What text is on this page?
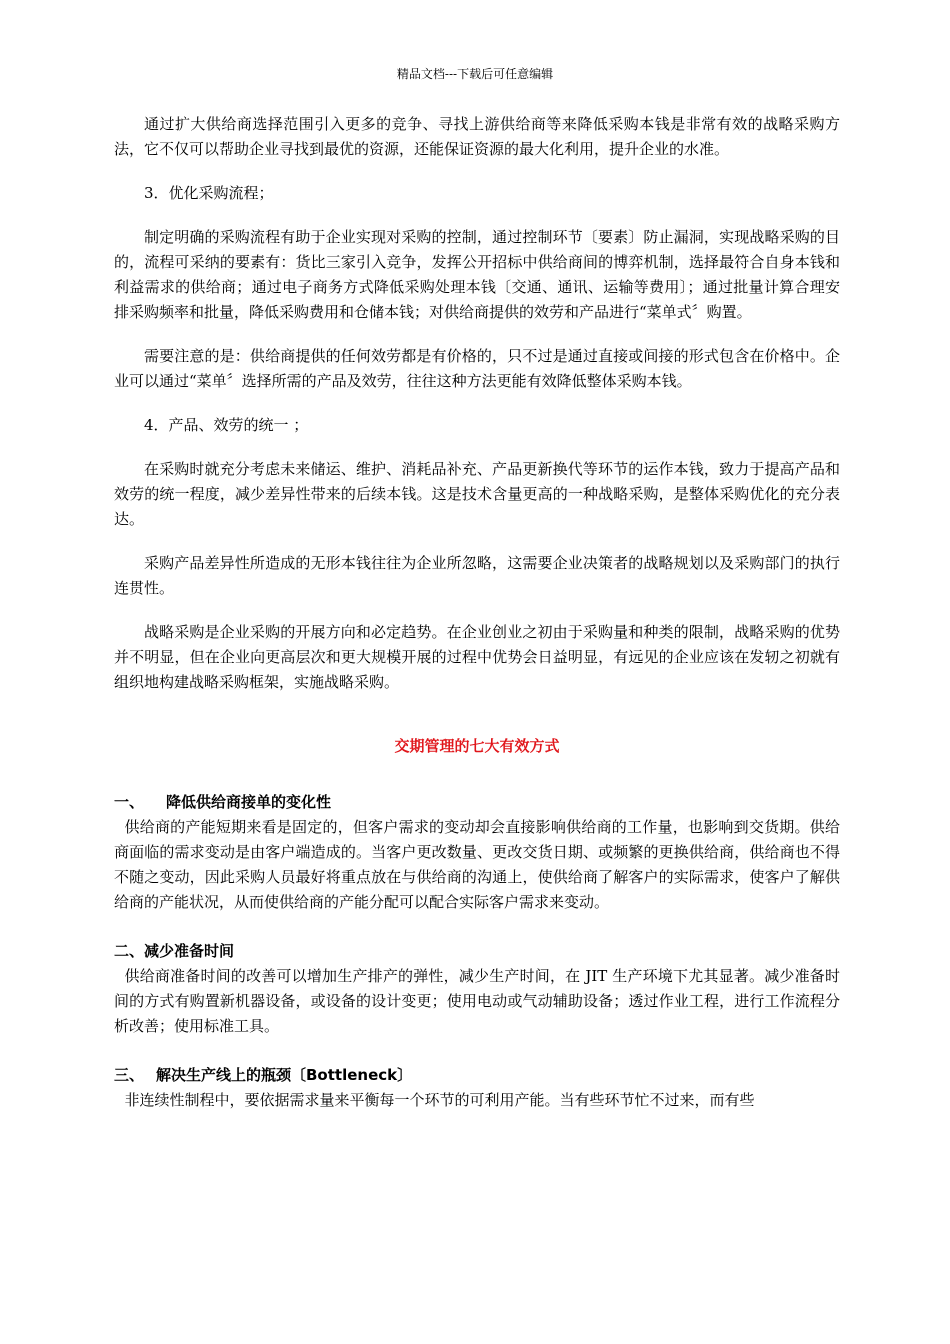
精品文档---下载后可任意编辑

通过扩大供给商选择范围引入更多的竞争、寻找上游供给商等来降低采购本钱是非常有效的战略采购方法，它不仅可以帮助企业寻找到最优的资源，还能保证资源的最大化利用，提升企业的水准。

3．优化采购流程；

制定明确的采购流程有助于企业实现对采购的控制，通过控制环节〔要素〕防止漏洞，实现战略采购的目的，流程可采纳的要素有：货比三家引入竞争，发挥公开招标中供给商间的博弈机制，选择最符合自身本钱和利益需求的供给商；通过电子商务方式降低采购处理本钱〔交通、通讯、运输等费用〕；通过批量计算合理安排采购频率和批量，降低采购费用和仓储本钱；对供给商提供的效劳和产品进行“菜单式〞购置。

需要注意的是：供给商提供的任何效劳都是有价格的，只不过是通过直接或间接的形式包含在价格中。企业可以通过“菜单〞选择所需的产品及效劳，往往这种方法更能有效降低整体采购本钱。

4．产品、效劳的统一 ；

在采购时就充分考虑未来储运、维护、消耗品补充、产品更新换代等环节的运作本钱，致力于提高产品和效劳的统一程度，减少差异性带来的后续本钱。这是技术含量更高的一种战略采购，是整体采购优化的充分表达。

采购产品差异性所造成的无形本钱往往为企业所忽略，这需要企业决策者的战略规划以及采购部门的执行连贯性。

战略采购是企业采购的开展方向和必定趋势。在企业创业之初由于采购量和种类的限制，战略采购的优势并不明显，但在企业向更高层次和更大规模开展的过程中优势会日益明显，有远见的企业应该在发轫之初就有组织地构建战略采购框架，实施战略采购。

交期管理的七大有效方式

一、 降低供给商接单的变化性

供给商的产能短期来看是固定的，但客户需求的变动却会直接影响供给商的工作量，也影响到交货期。供给商面临的需求变动是由客户端造成的。当客户更改数量、更改交货日期、或频繁的更换供给商，供给商也不得不随之变动，因此采购人员最好将重点放在与供给商的沟通上，使供给商了解客户的实际需求，使客户了解供给商的产能状况，从而使供给商的产能分配可以配合实际客户需求来变动。

二、减少准备时间

供给商准备时间的改善可以增加生产排产的弹性，减少生产时间，在 JIT 生产环境下尤其显著。减少准备时间的方式有购置新机器设备，或设备的设计变更；使用电动或气动辅助设备；透过作业工程，进行工作流程分析改善；使用标准工具。

三、 解决生产线上的瓶颈〔Bottleneck〕

非连续性制程中，要依据需求量来平衡每一个环节的可利用产能。当有些环节忙不过来，而有些
